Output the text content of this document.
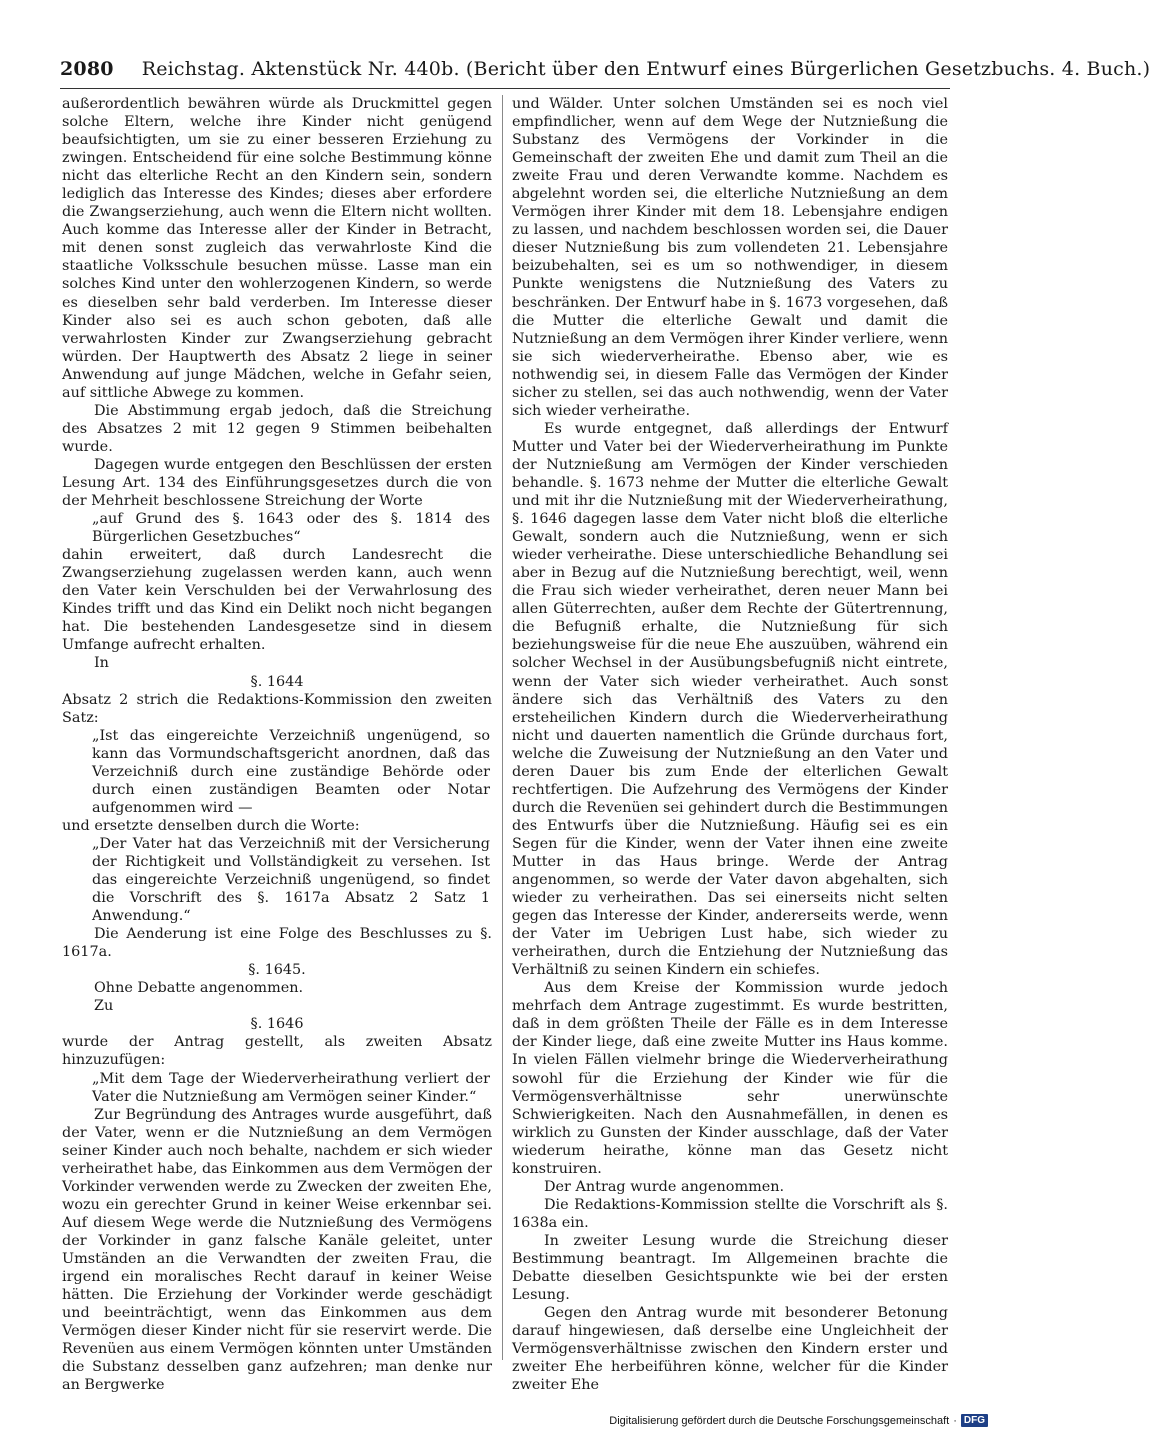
2080 Reichstag. Aktenstück Nr. 440b. (Bericht über den Entwurf eines Bürgerlichen Gesetzbuchs. 4. Buch.)

außerordentlich bewähren würde als Druckmittel gegen solche Eltern, welche ihre Kinder nicht genügend beaufsichtigten, um sie zu einer besseren Erziehung zu zwingen. Entscheidend für eine solche Bestimmung könne nicht das elterliche Recht an den Kindern sein, sondern lediglich das Interesse des Kindes; dieses aber erfordere die Zwangserziehung, auch wenn die Eltern nicht wollten. Auch komme das Interesse aller der Kinder in Betracht, mit denen sonst zugleich das verwahrloste Kind die staatliche Volksschule besuchen müsse. Lasse man ein solches Kind unter den wohlerzogenen Kindern, so werde es dieselben sehr bald verderben. Im Interesse dieser Kinder also sei es auch schon geboten, daß alle verwahrlosten Kinder zur Zwangserziehung gebracht würden. Der Hauptwerth des Absatz 2 liege in seiner Anwendung auf junge Mädchen, welche in Gefahr seien, auf sittliche Abwege zu kommen.

Die Abstimmung ergab jedoch, daß die Streichung des Absatzes 2 mit 12 gegen 9 Stimmen beibehalten wurde.

Dagegen wurde entgegen den Beschlüssen der ersten Lesung Art. 134 des Einführungsgesetzes durch die von der Mehrheit beschlossene Streichung der Worte

„auf Grund des §. 1643 oder des §. 1814 des Bürgerlichen Gesetzbuches“

dahin erweitert, daß durch Landesrecht die Zwangserziehung zugelassen werden kann, auch wenn den Vater kein Verschulden bei der Verwahrlosung des Kindes trifft und das Kind ein Delikt noch nicht begangen hat. Die bestehenden Landesgesetze sind in diesem Umfange aufrecht erhalten.

In

§. 1644

Absatz 2 strich die Redaktions-Kommission den zweiten Satz:

„Ist das eingereichte Verzeichniß ungenügend, so kann das Vormundschaftsgericht anordnen, daß das Verzeichniß durch eine zuständige Behörde oder durch einen zuständigen Beamten oder Notar aufgenommen wird —

und ersetzte denselben durch die Worte:

„Der Vater hat das Verzeichniß mit der Versicherung der Richtigkeit und Vollständigkeit zu versehen. Ist das eingereichte Verzeichniß ungenügend, so findet die Vorschrift des §. 1617a Absatz 2 Satz 1 Anwendung.“

Die Aenderung ist eine Folge des Beschlusses zu §. 1617a.

§. 1645.

Ohne Debatte angenommen.

Zu

§. 1646

wurde der Antrag gestellt, als zweiten Absatz hinzuzufügen:

„Mit dem Tage der Wiederverheirathung verliert der Vater die Nutznießung am Vermögen seiner Kinder.“

Zur Begründung des Antrages wurde ausgeführt, daß der Vater, wenn er die Nutznießung an dem Vermögen seiner Kinder auch noch behalte, nachdem er sich wieder verheirathet habe, das Einkommen aus dem Vermögen der Vorkinder verwenden werde zu Zwecken der zweiten Ehe, wozu ein gerechter Grund in keiner Weise erkennbar sei. Auf diesem Wege werde die Nutznießung des Vermögens der Vorkinder in ganz falsche Kanäle geleitet, unter Umständen an die Verwandten der zweiten Frau, die irgend ein moralisches Recht darauf in keiner Weise hätten. Die Erziehung der Vorkinder werde geschädigt und beeinträchtigt, wenn das Einkommen aus dem Vermögen dieser Kinder nicht für sie reservirt werde. Die Revenüen aus einem Vermögen könnten unter Umständen die Substanz desselben ganz aufzehren; man denke nur an Bergwerke

und Wälder. Unter solchen Umständen sei es noch viel empfindlicher, wenn auf dem Wege der Nutznießung die Substanz des Vermögens der Vorkinder in die Gemeinschaft der zweiten Ehe und damit zum Theil an die zweite Frau und deren Verwandte komme. Nachdem es abgelehnt worden sei, die elterliche Nutznießung an dem Vermögen ihrer Kinder mit dem 18. Lebensjahre endigen zu lassen, und nachdem beschlossen worden sei, die Dauer dieser Nutznießung bis zum vollendeten 21. Lebensjahre beizubehalten, sei es um so nothwendiger, in diesem Punkte wenigstens die Nutznießung des Vaters zu beschränken. Der Entwurf habe in §. 1673 vorgesehen, daß die Mutter die elterliche Gewalt und damit die Nutznießung an dem Vermögen ihrer Kinder verliere, wenn sie sich wiederverheirathe. Ebenso aber, wie es nothwendig sei, in diesem Falle das Vermögen der Kinder sicher zu stellen, sei das auch nothwendig, wenn der Vater sich wieder verheirathe.

Es wurde entgegnet, daß allerdings der Entwurf Mutter und Vater bei der Wiederverheirathung im Punkte der Nutznießung am Vermögen der Kinder verschieden behandle. §. 1673 nehme der Mutter die elterliche Gewalt und mit ihr die Nutznießung mit der Wiederverheirathung, §. 1646 dagegen lasse dem Vater nicht bloß die elterliche Gewalt, sondern auch die Nutznießung, wenn er sich wieder verheirathe. Diese unterschiedliche Behandlung sei aber in Bezug auf die Nutznießung berechtigt, weil, wenn die Frau sich wieder verheirathet, deren neuer Mann bei allen Güterrechten, außer dem Rechte der Gütertrennung, die Befugniß erhalte, die Nutznießung für sich beziehungsweise für die neue Ehe auszuüben, während ein solcher Wechsel in der Ausübungsbefugniß nicht eintrete, wenn der Vater sich wieder verheirathet. Auch sonst ändere sich das Verhältniß des Vaters zu den ersteheilichen Kindern durch die Wiederverheirathung nicht und dauerten namentlich die Gründe durchaus fort, welche die Zuweisung der Nutznießung an den Vater und deren Dauer bis zum Ende der elterlichen Gewalt rechtfertigen. Die Aufzehrung des Vermögens der Kinder durch die Revenüen sei gehindert durch die Bestimmungen des Entwurfs über die Nutznießung. Häufig sei es ein Segen für die Kinder, wenn der Vater ihnen eine zweite Mutter in das Haus bringe. Werde der Antrag angenommen, so werde der Vater davon abgehalten, sich wieder zu verheirathen. Das sei einerseits nicht selten gegen das Interesse der Kinder, andererseits werde, wenn der Vater im Uebrigen Lust habe, sich wieder zu verheirathen, durch die Entziehung der Nutznießung das Verhältniß zu seinen Kindern ein schiefes.

Aus dem Kreise der Kommission wurde jedoch mehrfach dem Antrage zugestimmt. Es wurde bestritten, daß in dem größten Theile der Fälle es in dem Interesse der Kinder liege, daß eine zweite Mutter ins Haus komme. In vielen Fällen vielmehr bringe die Wiederverheirathung sowohl für die Erziehung der Kinder wie für die Vermögensverhältnisse sehr unerwünschte Schwierigkeiten. Nach den Ausnahmefällen, in denen es wirklich zu Gunsten der Kinder ausschlage, daß der Vater wiederum heirathe, könne man das Gesetz nicht konstruiren.

Der Antrag wurde angenommen.

Die Redaktions-Kommission stellte die Vorschrift als §. 1638a ein.

In zweiter Lesung wurde die Streichung dieser Bestimmung beantragt. Im Allgemeinen brachte die Debatte dieselben Gesichtspunkte wie bei der ersten Lesung.

Gegen den Antrag wurde mit besonderer Betonung darauf hingewiesen, daß derselbe eine Ungleichheit der Vermögensverhältnisse zwischen den Kindern erster und zweiter Ehe herbeiführen könne, welcher für die Kinder zweiter Ehe

Digitalisierung gefördert durch die Deutsche Forschungsgemeinschaft · DFG
